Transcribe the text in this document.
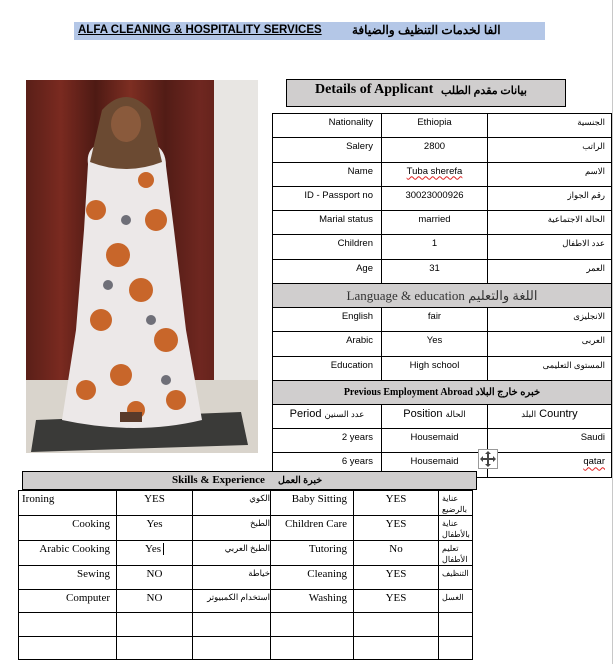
ALFA CLEANING & HOSPITALITY SERVICES	الفا لخدمات التنظيف والضيافة
Details of Applicant بيانات مقدم الطلب
Nationality	Ethiopia	الجنسية
Salery	2800	الراتب
Name	Tuba sherefa	الاسم
ID - Passport no	30023000926	رقم الجواز
Marial status	married	الحالة الاجتماعية
Children	1	عدد الاطفال
Age	31	العمر
Language & education اللغة والتعليم		
English	fair	الانجليزى
Arabic	Yes	العربى
Education	High school	المستوى التعليمى
Previous Employment Abroad خبره خارج البلاد		
Period عدد السنين	Position الحالة	البلد Country
2 years	Housemaid	Saudi
6 years	Housemaid	qatar
Skills & Experience خبرة العمل
Ironing	YES	الكوي	Baby Sitting	YES	عناية بالرضيع
Cooking	Yes	الطبخ	Children Care	YES	عناية بالأطفال
Arabic Cooking	Yes	الطبخ العربي	Tutoring	No	تعليم الأطفال
Sewing	NO	خياطة	Cleaning	YES	التنظيف
Computer	NO	استخدام الكمبيوتر	Washing	YES	الغسل
